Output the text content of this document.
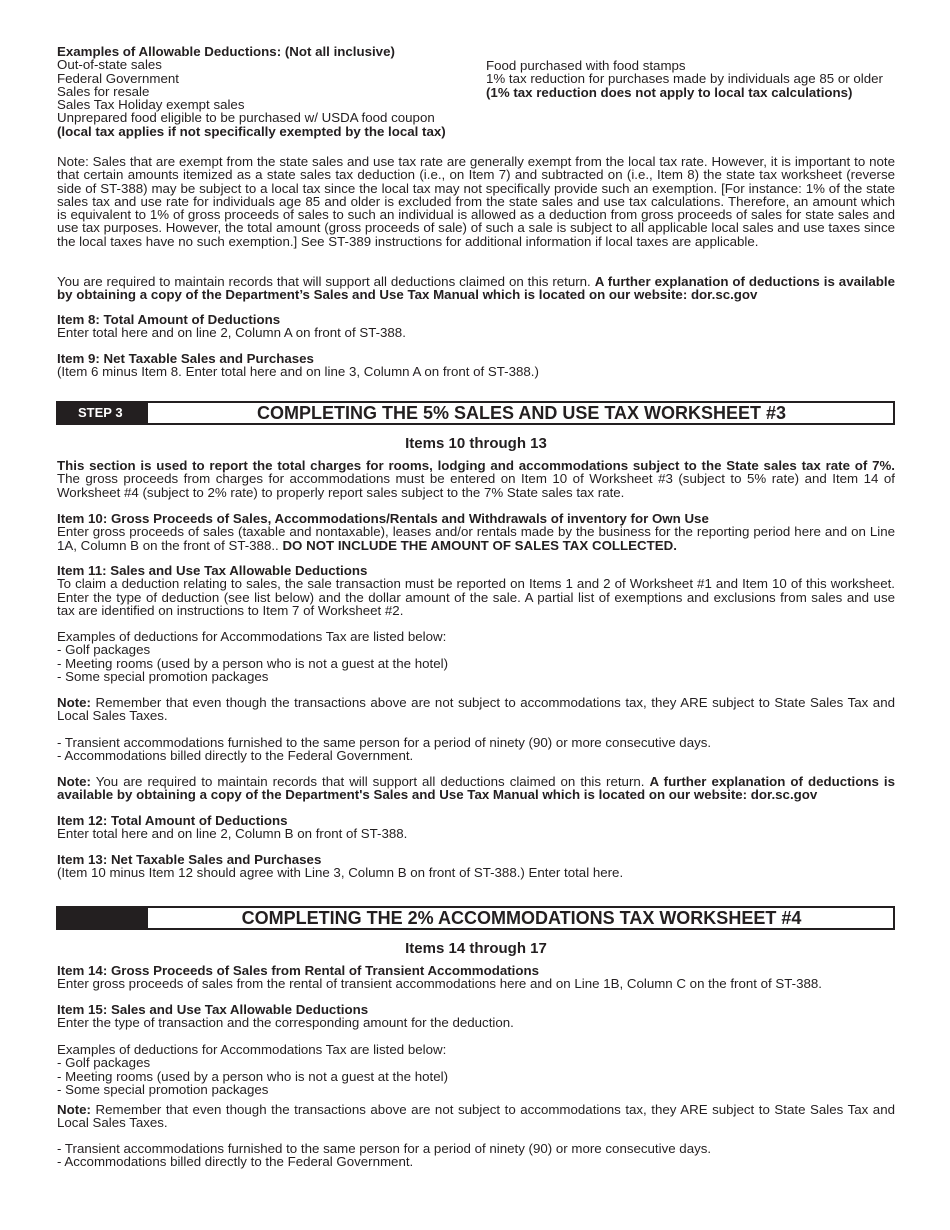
Examples of Allowable Deductions: (Not all inclusive)

Out-of-state sales

Federal Government

Sales for resale

Sales Tax Holiday exempt sales

Unprepared food eligible to be purchased w/ USDA food coupon

(local tax applies if not specifically exempted by the local tax)

Food purchased with food stamps

1% tax reduction for purchases made by individuals age 85 or older (1% tax reduction does not apply to local tax calculations)

Note: Sales that are exempt from the state sales and use tax rate are generally exempt from the local tax rate. However, it is important to note that certain amounts itemized as a state sales tax deduction (i.e., on Item 7) and subtracted on (i.e., Item 8) the state tax worksheet (reverse side of ST-388) may be subject to a local tax since the local tax may not specifically provide such an exemption. [For instance: 1% of the state sales tax and use rate for individuals age 85 and older is excluded from the state sales and use tax calculations. Therefore, an amount which is equivalent to 1% of gross proceeds of sales to such an individual is allowed as a deduction from gross proceeds of sales for state sales and use tax purposes. However, the total amount (gross proceeds of sale) of such a sale is subject to all applicable local sales and use taxes since the local taxes have no such exemption.] See ST-389 instructions for additional information if local taxes are applicable.

You are required to maintain records that will support all deductions claimed on this return. A further explanation of deductions is available by obtaining a copy of the Department’s Sales and Use Tax Manual which is located on our website: dor.sc.gov

Item 8: Total Amount of Deductions

Enter total here and on line 2, Column A on front of ST-388.

Item 9: Net Taxable Sales and Purchases

(Item 6 minus Item 8. Enter total here and on line 3, Column A on front of ST-388.)

STEP 3	COMPLETING THE 5% SALES AND USE TAX WORKSHEET #3
Items 10 through 13

This section is used to report the total charges for rooms, lodging and accommodations subject to the State sales tax rate of 7%. The gross proceeds from charges for accommodations must be entered on Item 10 of Worksheet #3 (subject to 5% rate) and Item 14 of Worksheet #4 (subject to 2% rate) to properly report sales subject to the 7% State sales tax rate.

Item 10: Gross Proceeds of Sales, Accommodations/Rentals and Withdrawals of inventory for Own Use

Enter gross proceeds of sales (taxable and nontaxable), leases and/or rentals made by the business for the reporting period here and on Line 1A, Column B on the front of ST-388.. DO NOT INCLUDE THE AMOUNT OF SALES TAX COLLECTED.

Item 11: Sales and Use Tax Allowable Deductions

To claim a deduction relating to sales, the sale transaction must be reported on Items 1 and 2 of Worksheet #1 and Item 10 of this worksheet. Enter the type of deduction (see list below) and the dollar amount of the sale. A partial list of exemptions and exclusions from sales and use tax are identified on instructions to Item 7 of Worksheet #2.

Examples of deductions for Accommodations Tax are listed below:

- Golf packages

- Meeting rooms (used by a person who is not a guest at the hotel)

- Some special promotion packages

Note: Remember that even though the transactions above are not subject to accommodations tax, they ARE subject to State Sales Tax and Local Sales Taxes.

- Transient accommodations furnished to the same person for a period of ninety (90) or more consecutive days.

- Accommodations billed directly to the Federal Government.

Note: You are required to maintain records that will support all deductions claimed on this return. A further explanation of deductions is available by obtaining a copy of the Department's Sales and Use Tax Manual which is located on our website: dor.sc.gov

Item 12: Total Amount of Deductions

Enter total here and on line 2, Column B on front of ST-388.

Item 13: Net Taxable Sales and Purchases

(Item 10 minus Item 12 should agree with Line 3, Column B on front of ST-388.) Enter total here.

COMPLETING THE 2% ACCOMMODATIONS TAX WORKSHEET #4
Items 14 through 17

Item 14: Gross Proceeds of Sales from Rental of Transient Accommodations

Enter gross proceeds of sales from the rental of transient accommodations here and on Line 1B, Column C on the front of ST-388.

Item 15: Sales and Use Tax Allowable Deductions

Enter the type of transaction and the corresponding amount for the deduction.

Examples of deductions for Accommodations Tax are listed below:

- Golf packages

- Meeting rooms (used by a person who is not a guest at the hotel)

- Some special promotion packages

Note: Remember that even though the transactions above are not subject to accommodations tax, they ARE subject to State Sales Tax and Local Sales Taxes.

- Transient accommodations furnished to the same person for a period of ninety (90) or more consecutive days.

- Accommodations billed directly to the Federal Government.
